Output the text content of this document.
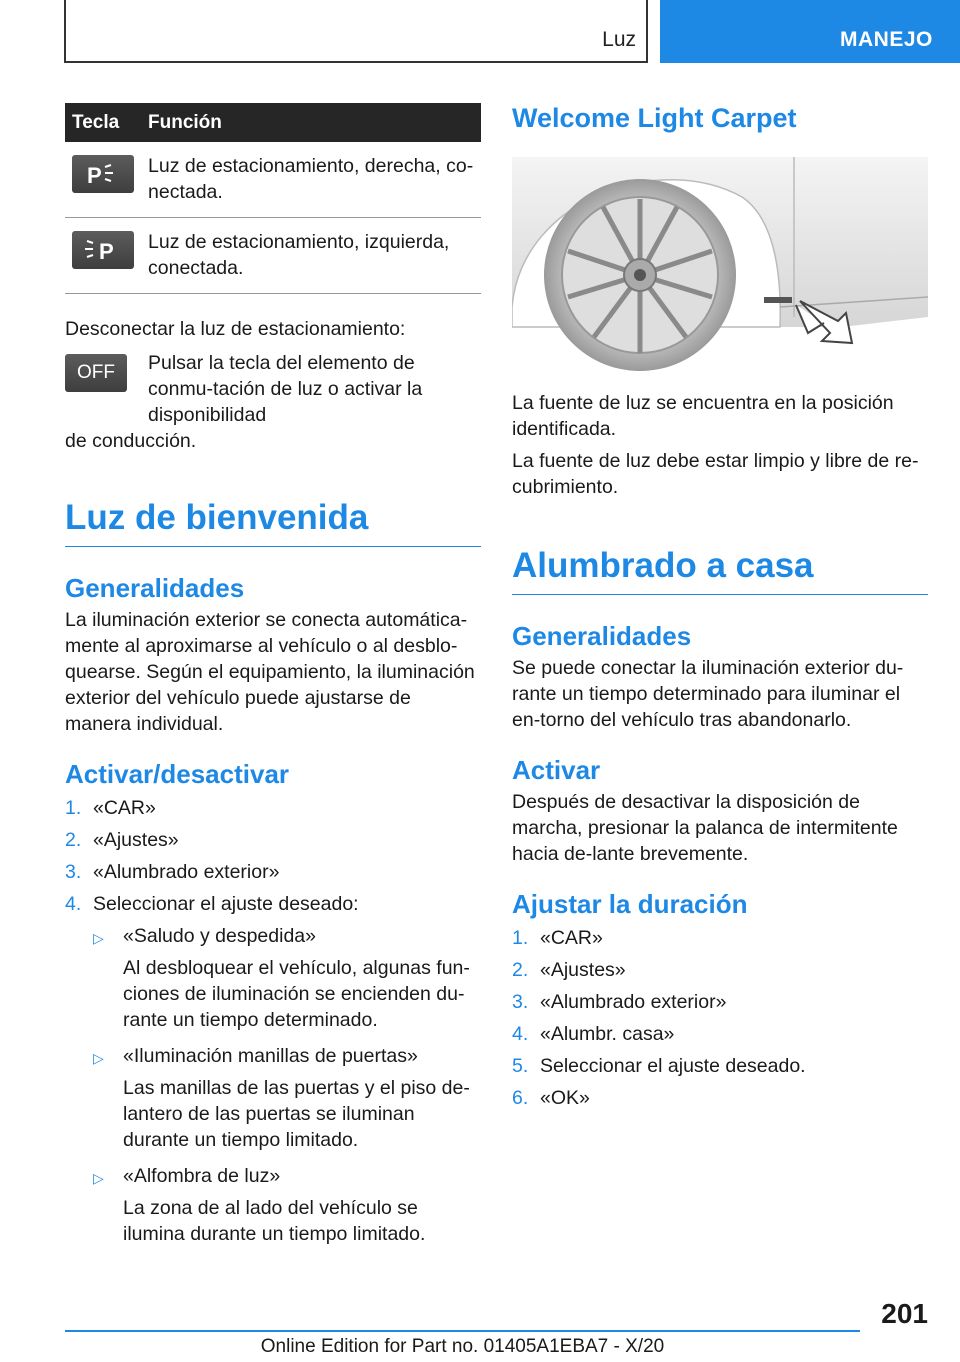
Luz	MANEJO
Tecla	Función
P Luz de estacionamiento, derecha, co-nectada.

P Luz de estacionamiento, izquierda, conectada.

Desconectar la luz de estacionamiento:

OFF Pulsar la tecla del elemento de conmu-tación de luz o activar la disponibilidad

de conducción.

Luz de bienvenida
Generalidades

La iluminación exterior se conecta automática-mente al aproximarse al vehículo o al desblo-quearse. Según el equipamiento, la iluminación exterior del vehículo puede ajustarse de manera individual.

Activar/desactivar
1. «CAR»
2. «Ajustes»
3. «Alumbrado exterior»
4. Seleccionar el ajuste deseado:
▷ «Saludo y despedida»

Al desbloquear el vehículo, algunas fun-ciones de iluminación se encienden du-rante un tiempo determinado.

▷ «Iluminación manillas de puertas»

Las manillas de las puertas y el piso de-lantero de las puertas se iluminan durante un tiempo limitado.

▷ «Alfombra de luz»

La zona de al lado del vehículo se ilumina durante un tiempo limitado.

Welcome Light Carpet

La fuente de luz se encuentra en la posición identificada.

La fuente de luz debe estar limpio y libre de re-cubrimiento.

Alumbrado a casa
Generalidades

Se puede conectar la iluminación exterior du-rante un tiempo determinado para iluminar el en-torno del vehículo tras abandonarlo.

Activar

Después de desactivar la disposición de marcha, presionar la palanca de intermitente hacia de-lante brevemente.

Ajustar la duración
1. «CAR»
2. «Ajustes»
3. «Alumbrado exterior»
4. «Alumbr. casa»
5. Seleccionar el ajuste deseado.
6. «OK»
201
Online Edition for Part no. 01405A1EBA7 - X/20
